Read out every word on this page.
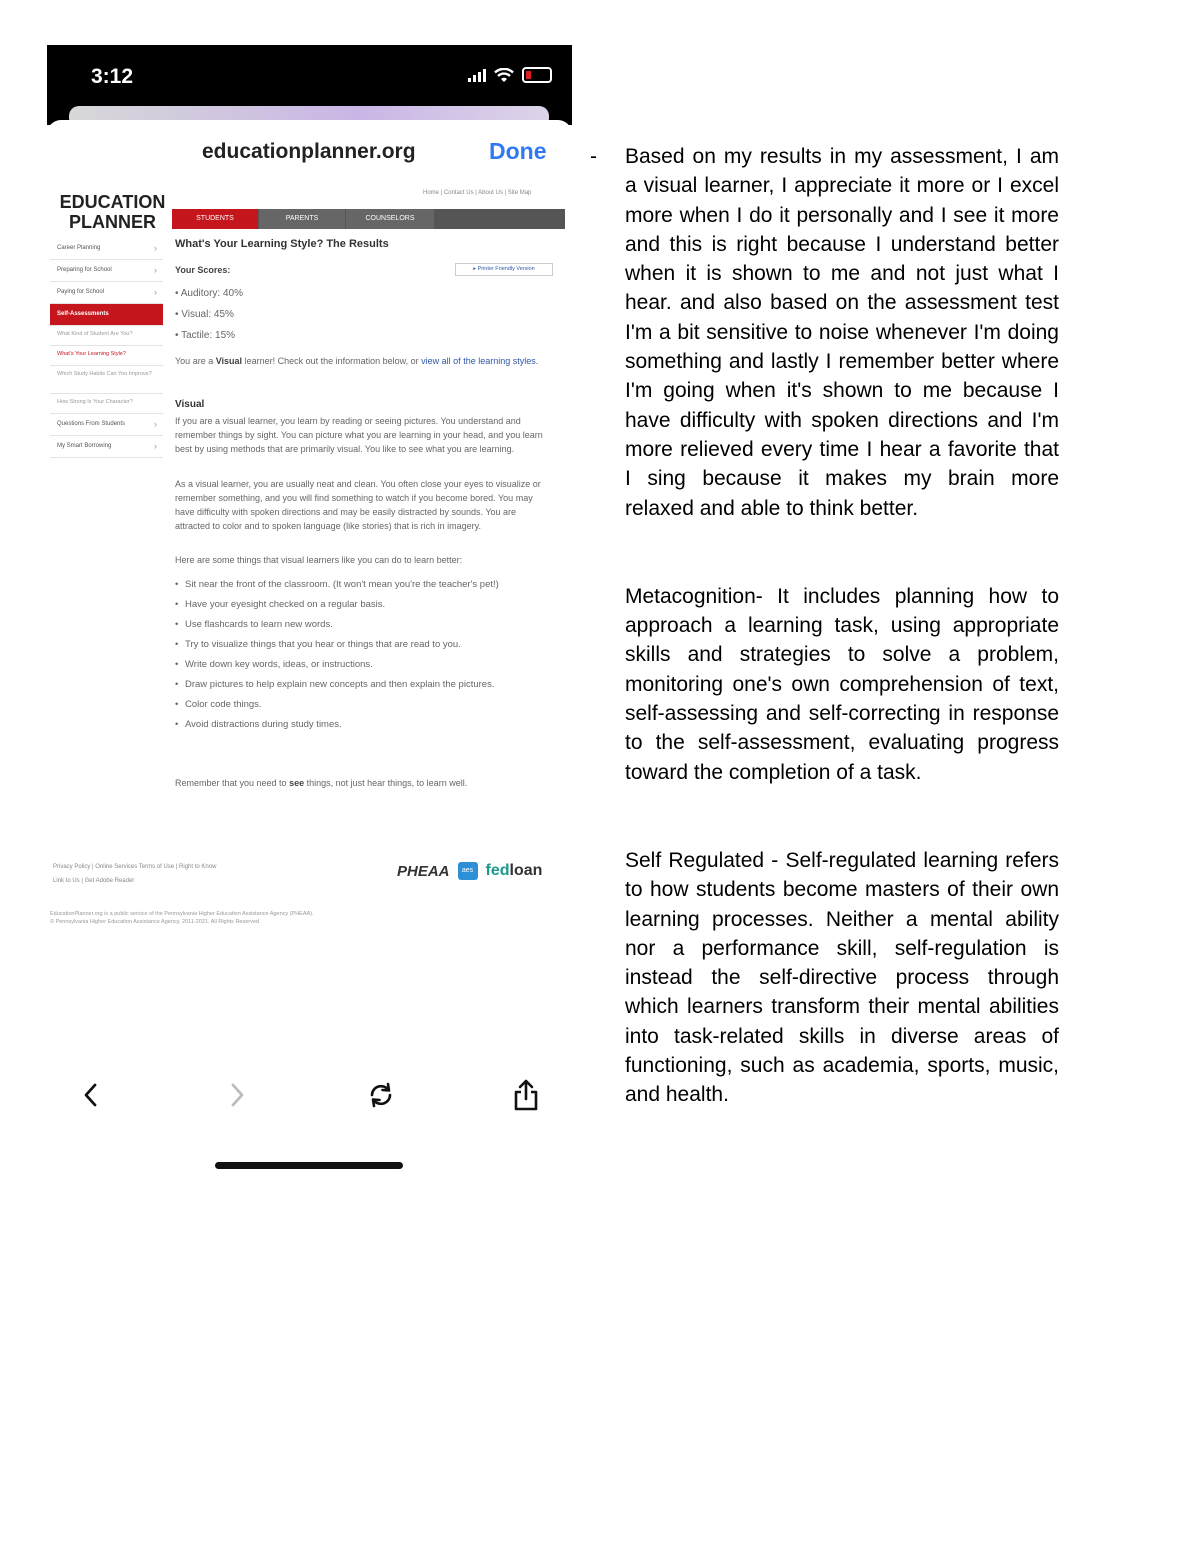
3:12
educationplanner.org	Done
EDUCATION
PLANNER
Home | Contact Us | About Us | Site Map
STUDENTS	PARENTS	COUNSELORS
Career Planning ›
Preparing for School ›
Paying for School ›
Self-Assessments
What Kind of Student Are You?
What's Your Learning Style?
Which Study Habits Can You Improve?
How Strong Is Your Character?
Questions From Students ›
My Smart Borrowing ›
What's Your Learning Style? The Results
Your Scores:	▸ Printer Friendly Version
• Auditory: 40%
• Visual: 45%
• Tactile: 15%
You are a Visual learner! Check out the information below, or view all of the learning styles.
Visual
If you are a visual learner, you learn by reading or seeing pictures. You understand and remember things by sight. You can picture what you are learning in your head, and you learn best by using methods that are primarily visual. You like to see what you are learning.
As a visual learner, you are usually neat and clean. You often close your eyes to visualize or remember something, and you will find something to watch if you become bored. You may have difficulty with spoken directions and may be easily distracted by sounds. You are attracted to color and to spoken language (like stories) that is rich in imagery.
Here are some things that visual learners like you can do to learn better:
• Sit near the front of the classroom. (It won't mean you're the teacher's pet!)
• Have your eyesight checked on a regular basis.
• Use flashcards to learn new words.
• Try to visualize things that you hear or things that are read to you.
• Write down key words, ideas, or instructions.
• Draw pictures to help explain new concepts and then explain the pictures.
• Color code things.
• Avoid distractions during study times.
Remember that you need to see things, not just hear things, to learn well.
Privacy Policy | Online Services Terms of Use | Right to Know
Link to Us | Get Adobe Reader
PHEAA	aes fedloan
EducationPlanner.org is a public service of the Pennsylvania Higher Education Assistance Agency (PHEAA).
© Pennsylvania Higher Education Assistance Agency, 2011-2021. All Rights Reserved.
- Based on my results in my assessment, I am a visual learner, I appreciate it more or I excel more when I do it personally and I see it more and this is right because I understand better when it is shown to me and not just what I hear. and also based on the assessment test I'm a bit sensitive to noise whenever I'm doing something and lastly I remember better where I'm going when it's shown to me because I have difficulty with spoken directions and I'm more relieved every time I hear a favorite that I sing because it makes my brain more relaxed and able to think better.

Metacognition- It includes planning how to approach a learning task, using appropriate skills and strategies to solve a problem, monitoring one's own comprehension of text, self-assessing and self-correcting in response to the self-assessment, evaluating progress toward the completion of a task.

Self Regulated - Self-regulated learning refers to how students become masters of their own learning processes. Neither a mental ability nor a performance skill, self-regulation is instead the self-directive process through which learners transform their mental abilities into task-related skills in diverse areas of functioning, such as academia, sports, music, and health.
